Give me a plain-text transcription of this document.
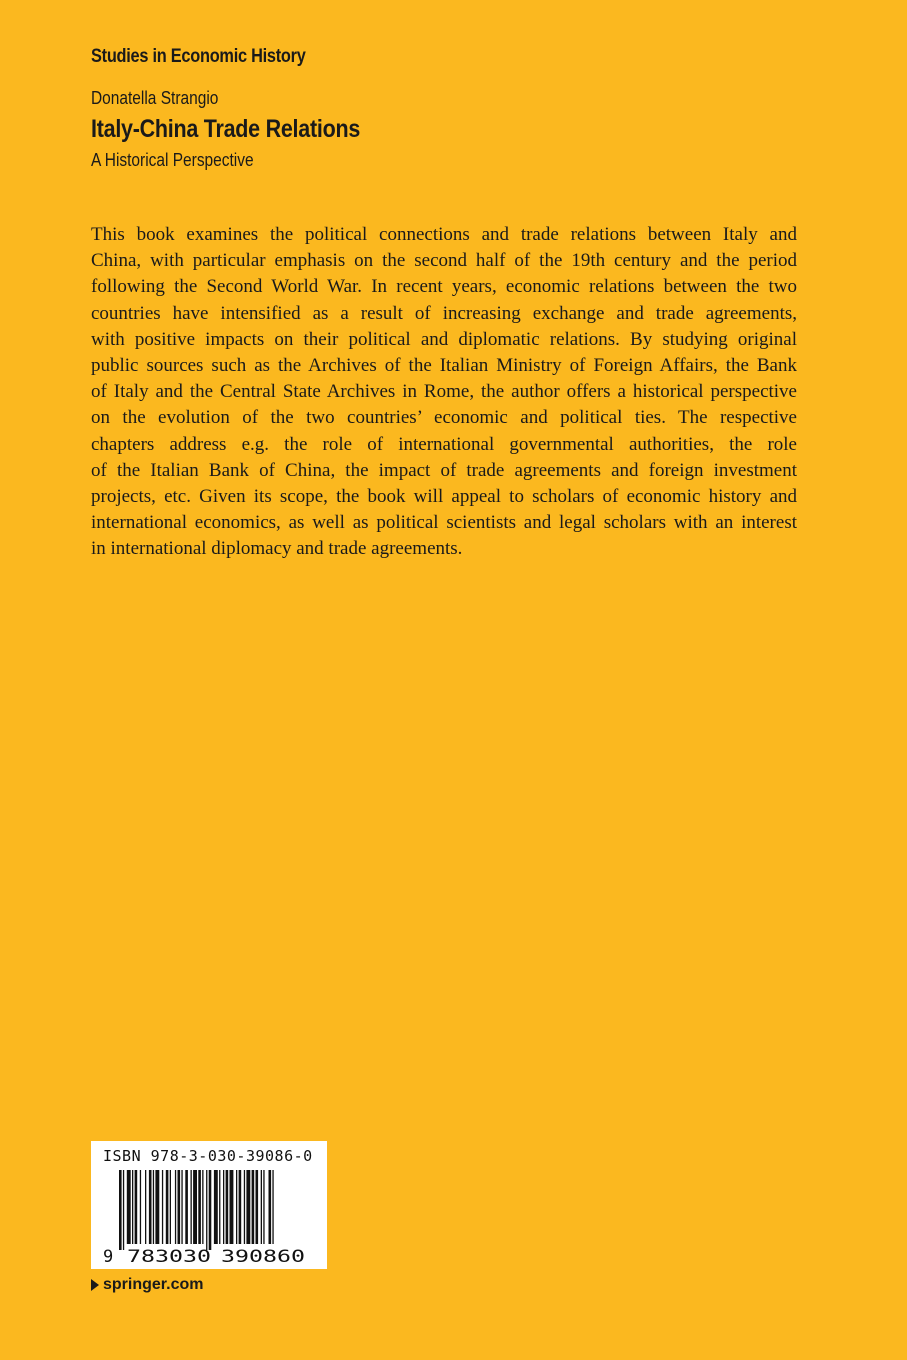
Studies in Economic History
Donatella Strangio
Italy-China Trade Relations
A Historical Perspective
This book examines the political connections and trade relations between Italy and
China, with particular emphasis on the second half of the 19th century and the period
following the Second World War. In recent years, economic relations between the two
countries have intensified as a result of increasing exchange and trade agreements,
with positive impacts on their political and diplomatic relations. By studying original
public sources such as the Archives of the Italian Ministry of Foreign Affairs, the Bank
of Italy and the Central State Archives in Rome, the author offers a historical perspective
on the evolution of the two countries’ economic and political ties. The respective
chapters address e.g. the role of international governmental authorities, the role
of the Italian Bank of China, the impact of trade agreements and foreign investment
projects, etc. Given its scope, the book will appeal to scholars of economic history and
international economics, as well as political scientists and legal scholars with an interest
in international diplomacy and trade agreements.
ISBN 978-3-030-39086-0
9 783030 390860
springer.com
